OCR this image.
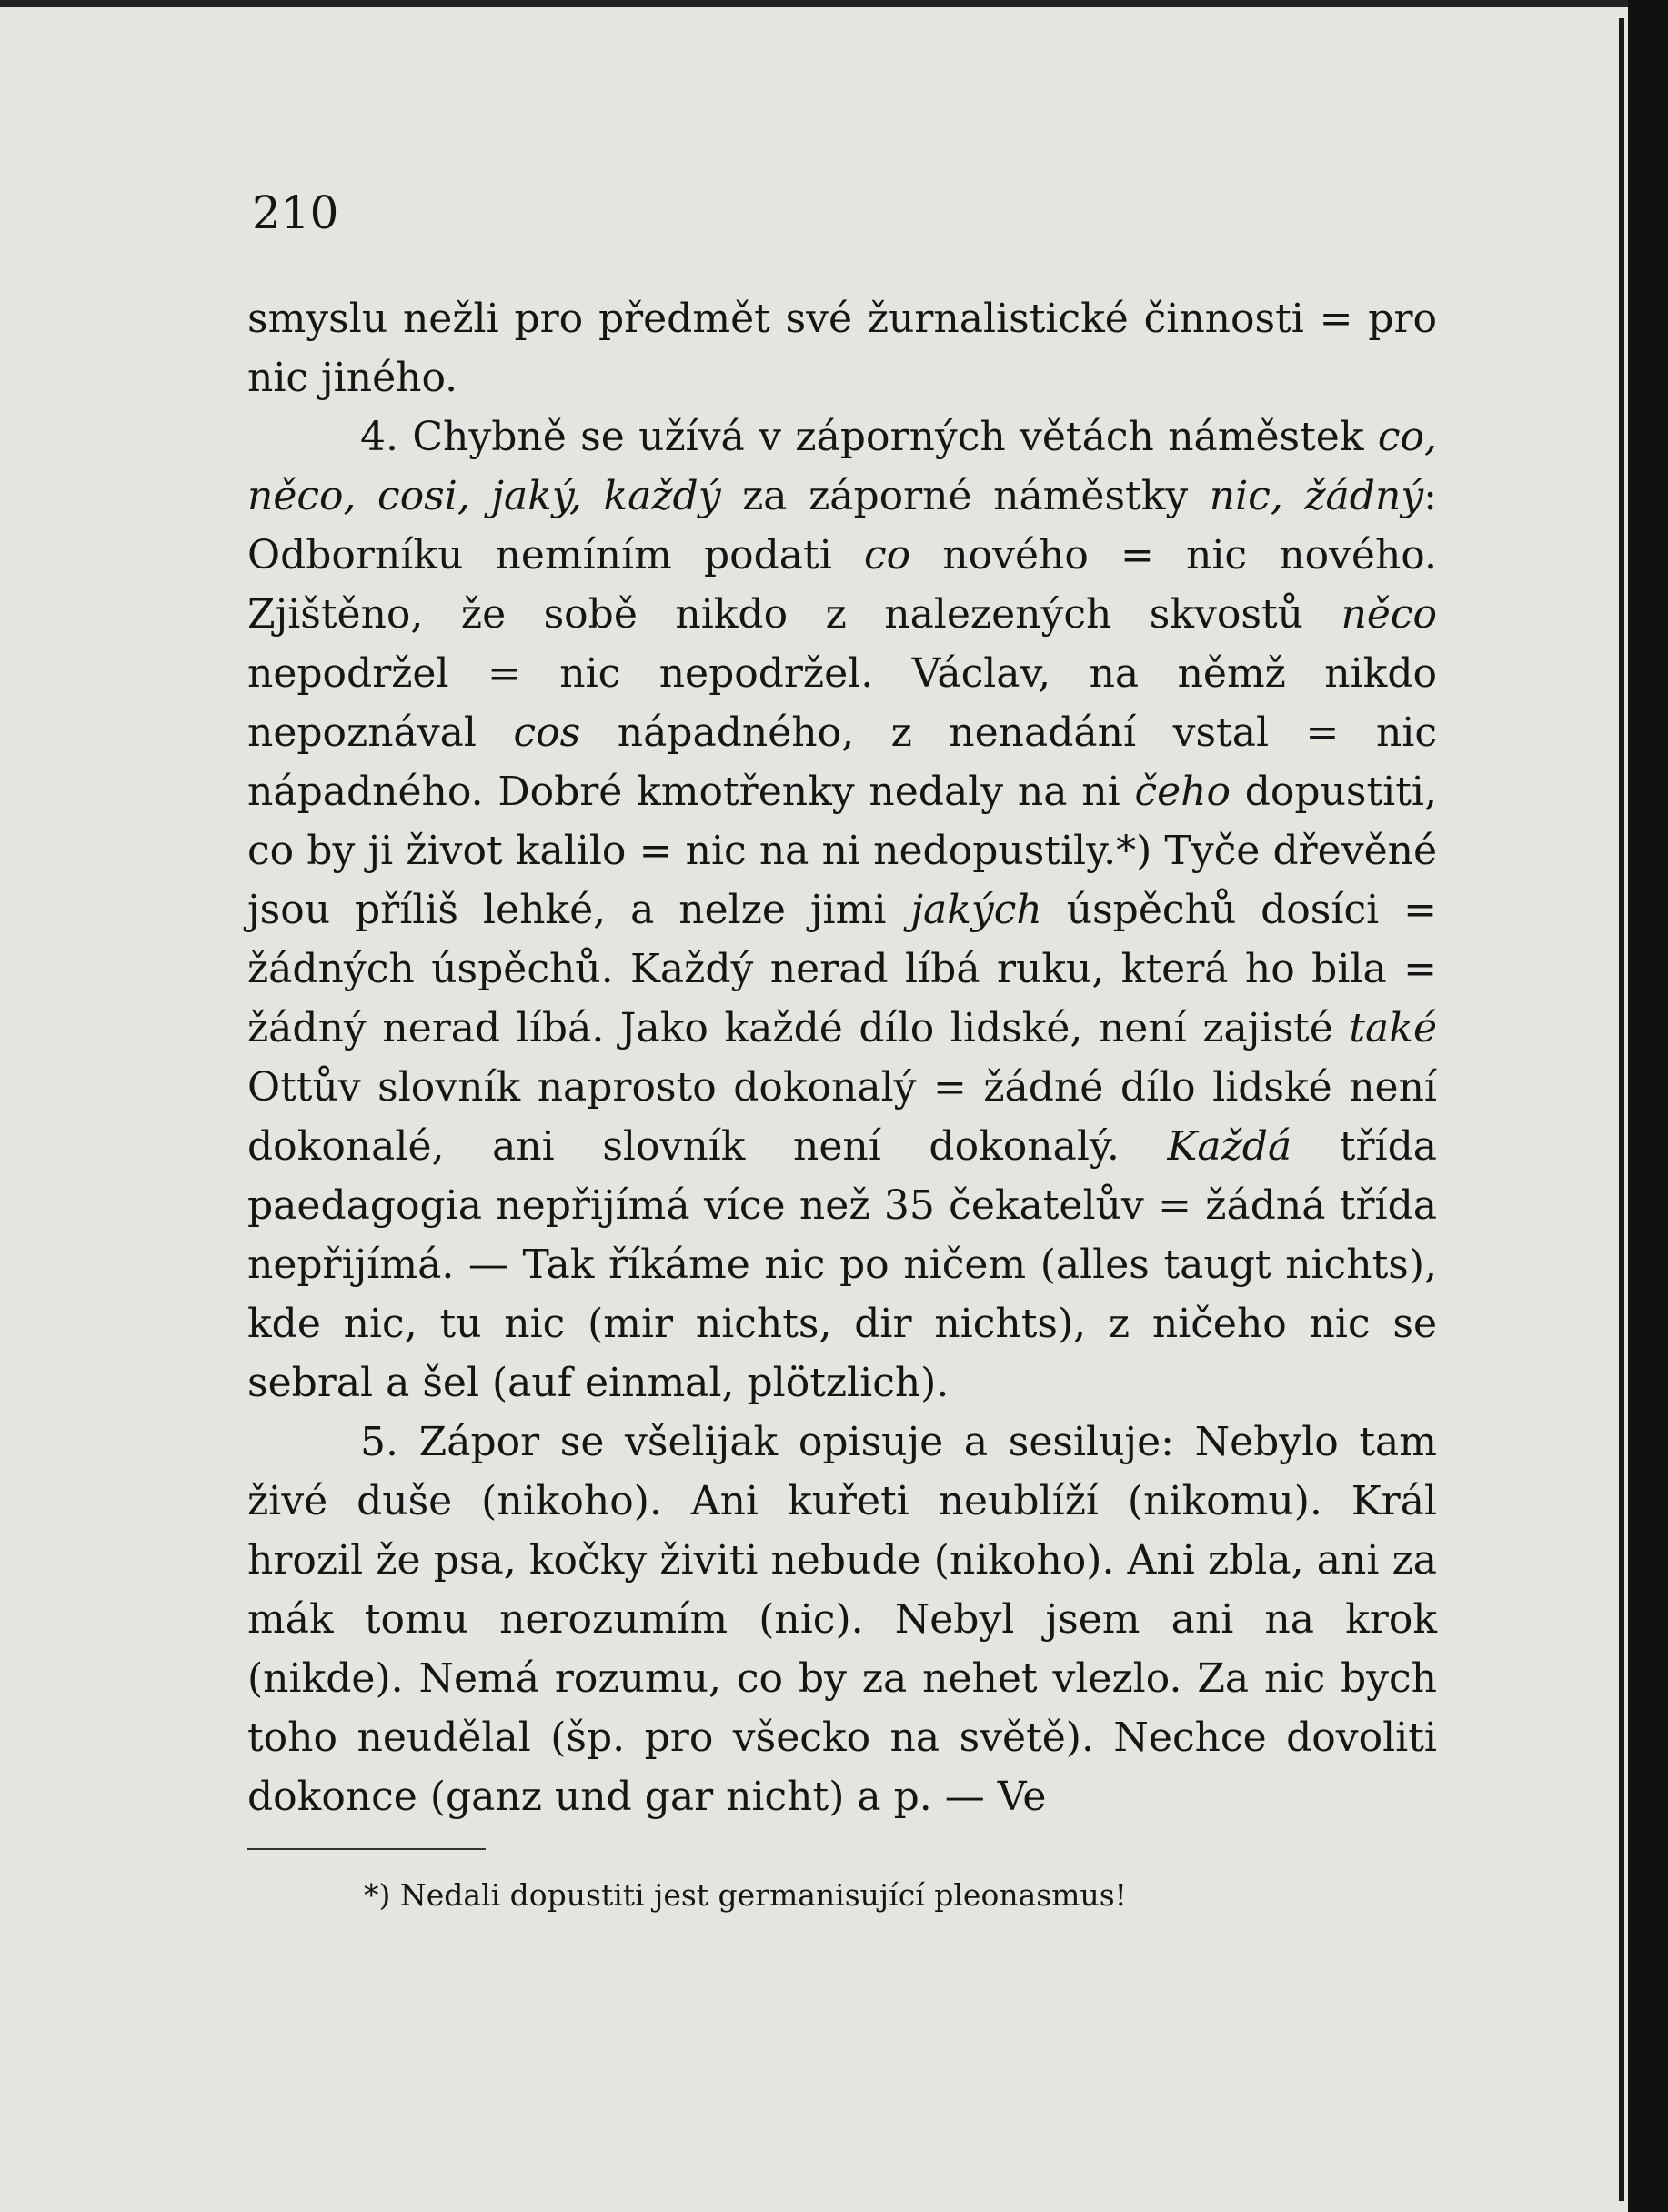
210

smyslu nežli pro předmět své žurnalistické činnosti = pro nic jiného.

4. Chybně se užívá v záporných větách náměstek co, něco, cosi, jaký, každý za záporné náměstky nic, žádný: Odborníku nemíním podati co nového = nic nového. Zjištěno, že sobě nikdo z nalezených skvostů něco nepodržel = nic nepodržel. Václav, na němž nikdo nepoznával cos nápadného, z nenadání vstal = nic nápadného. Dobré kmotřenky nedaly na ni čeho dopustiti, co by ji život kalilo = nic na ni nedopustily.*) Tyče dřevěné jsou příliš lehké, a nelze jimi jakých úspěchů dosíci = žádných úspěchů. Každý nerad líbá ruku, která ho bila = žádný nerad líbá. Jako každé dílo lidské, není zajisté také Ottův slovník naprosto dokonalý = žádné dílo lidské není dokonalé, ani slovník není dokonalý. Každá třída paedagogia nepřijímá více než 35 čekatelův = žádná třída nepřijímá. — Tak říkáme nic po ničem (alles taugt nichts), kde nic, tu nic (mir nichts, dir nichts), z ničeho nic se sebral a šel (auf einmal, plötzlich).

5. Zápor se všelijak opisuje a sesiluje: Nebylo tam živé duše (nikoho). Ani kuřeti neublíží (nikomu). Král hrozil že psa, kočky živiti nebude (nikoho). Ani zbla, ani za mák tomu nerozumím (nic). Nebyl jsem ani na krok (nikde). Nemá rozumu, co by za nehet vlezlo. Za nic bych toho neudělal (šp. pro všecko na světě). Nechce dovoliti dokonce (ganz und gar nicht) a p. — Ve

*) Nedali dopustiti jest germanisující pleonasmus!
